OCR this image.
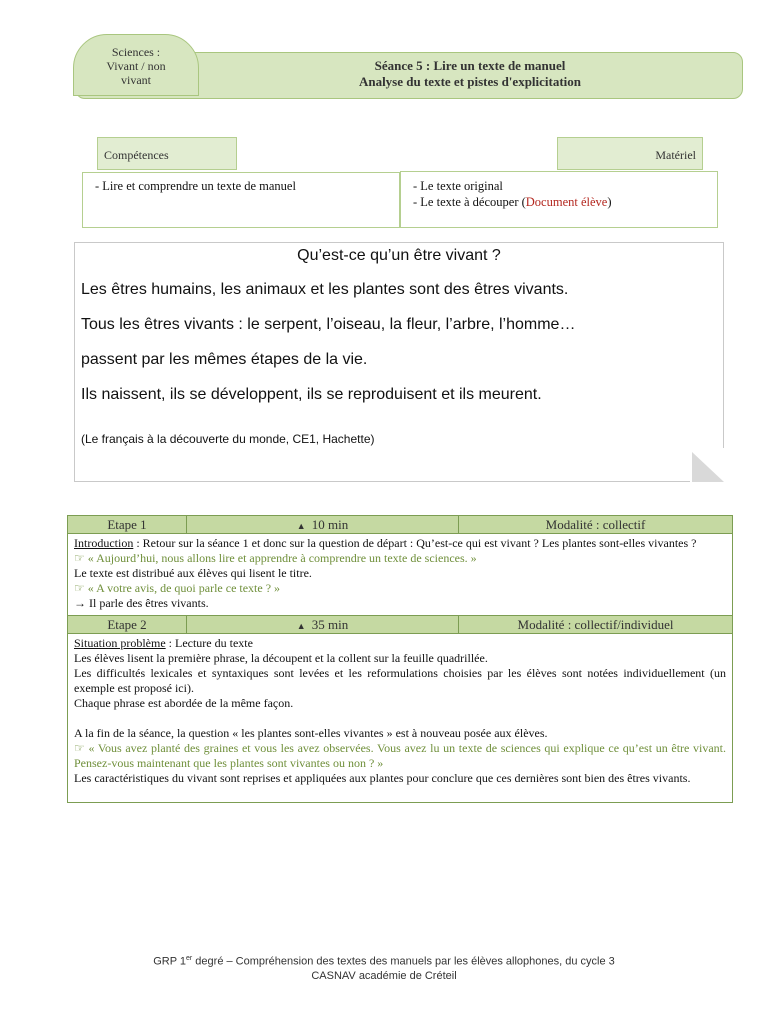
Sciences :
Vivant / non
vivant
Séance 5 : Lire un texte de manuel
Analyse du texte et pistes d'explicitation
Compétences	Matériel
- Lire et comprendre un texte de manuel	- Le texte original
- Le texte à découper (Document élève)
Qu’est-ce qu’un être vivant ?
Les êtres humains, les animaux et les plantes sont des êtres vivants.
Tous les êtres vivants : le serpent, l’oiseau, la fleur, l’arbre, l’homme…
passent par les mêmes étapes de la vie.
Ils naissent, ils se développent, ils se reproduisent et ils meurent.
(Le français à la découverte du monde, CE1, Hachette)
Etape 1	▲ 10 min	Modalité : collectif

Introduction : Retour sur la séance 1 et donc sur la question de départ : Qu’est-ce qui est vivant ? Les plantes sont-elles vivantes ?

☞ « Aujourd’hui, nous allons lire et apprendre à comprendre un texte de sciences. »

Le texte est distribué aux élèves qui lisent le titre.

☞ « A votre avis, de quoi parle ce texte ? »

→ Il parle des êtres vivants.

Etape 2	▲ 35 min	Modalité : collectif/individuel

Situation problème : Lecture du texte

Les élèves lisent la première phrase, la découpent et la collent sur la feuille quadrillée.

Les difficultés lexicales et syntaxiques sont levées et les reformulations choisies par les élèves sont notées individuellement (un exemple est proposé ici).

Chaque phrase est abordée de la même façon.

A la fin de la séance, la question « les plantes sont-elles vivantes » est à nouveau posée aux élèves.

☞ « Vous avez planté des graines et vous les avez observées. Vous avez lu un texte de sciences qui explique ce qu’est un être vivant. Pensez-vous maintenant que les plantes sont vivantes ou non ? »

Les caractéristiques du vivant sont reprises et appliquées aux plantes pour conclure que ces dernières sont bien des êtres vivants.

GRP 1er degré – Compréhension des textes des manuels par les élèves allophones, du cycle 3
CASNAV académie de Créteil
